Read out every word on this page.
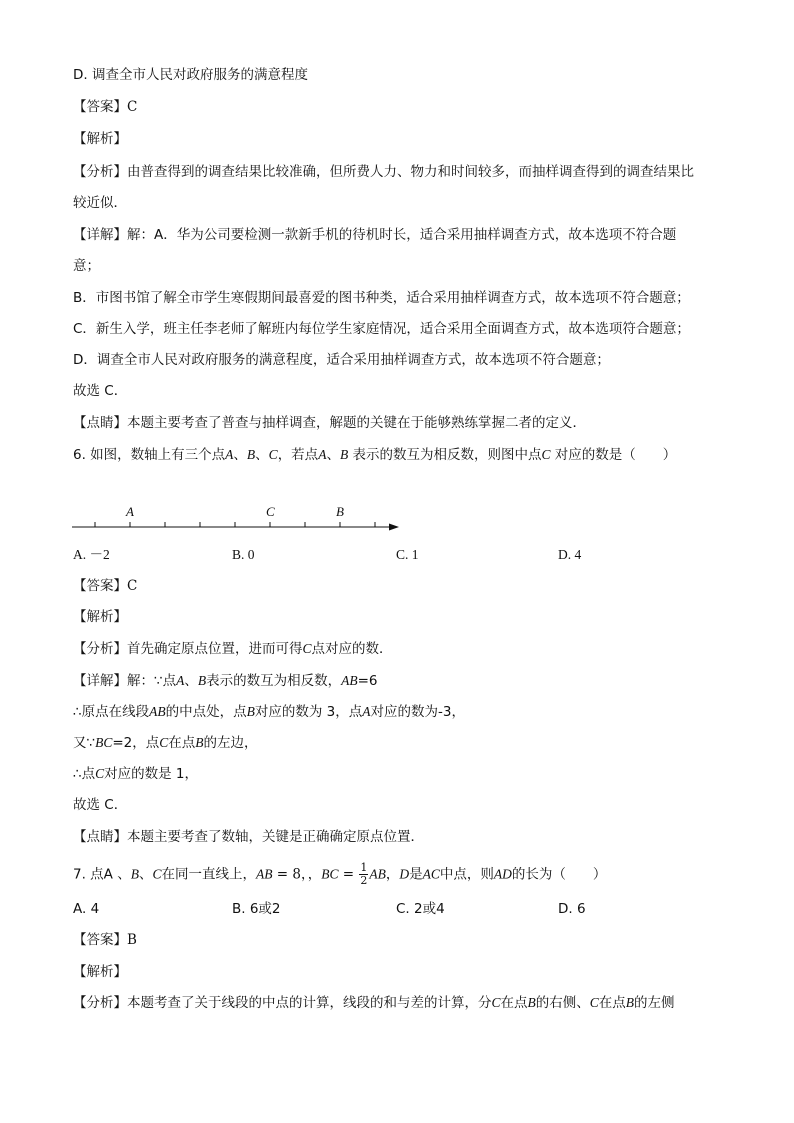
D. 调查全市人民对政府服务的满意程度
【答案】C
【解析】
【分析】由普查得到的调查结果比较准确，但所费人力、物力和时间较多，而抽样调查得到的调查结果比
较近似．
【详解】解：A．华为公司要检测一款新手机的待机时长，适合采用抽样调查方式，故本选项不符合题
意；
B．市图书馆了解全市学生寒假期间最喜爱的图书种类，适合采用抽样调查方式，故本选项不符合题意；
C．新生入学，班主任李老师了解班内每位学生家庭情况，适合采用全面调查方式，故本选项符合题意；
D．调查全市人民对政府服务的满意程度，适合采用抽样调查方式，故本选项不符合题意；
故选 C．
【点睛】本题主要考查了普查与抽样调查，解题的关键在于能够熟练掌握二者的定义．
6. 如图，数轴上有三个点A、B、C，若点A、B 表示的数互为相反数，则图中点C 对应的数是（　　）
A	C	B
A. －2	B. 0	C. 1	D. 4
【答案】C
【解析】
【分析】首先确定原点位置，进而可得C点对应的数．
【详解】解：∵点A、B表示的数互为相反数，AB=6
∴原点在线段AB的中点处，点B对应的数为 3，点A对应的数为-3，
又∵BC=2，点C在点B的左边，
∴点C对应的数是 1，
故选 C．
【点睛】本题主要考查了数轴，关键是正确确定原点位置．
7. 点A 、B、C在同一直线上，AB = 8，，BC = $\frac{1}{2}$ AB，D是AC中点，则AD的长为（　　）
A. 4	B. 6或2	C. 2或4	D. 6
【答案】B
【解析】
【分析】本题考查了关于线段的中点的计算，线段的和与差的计算，分C在点B的右侧、C在点B的左侧
